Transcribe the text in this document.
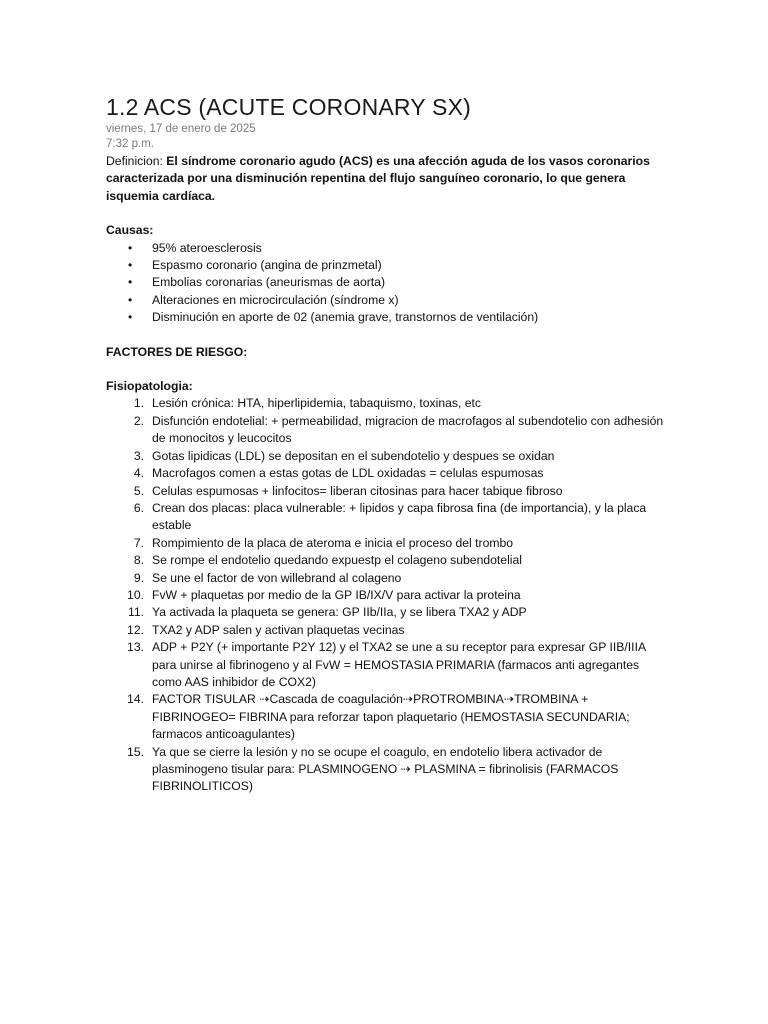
1.2 ACS (ACUTE CORONARY SX)
viernes, 17 de enero de 2025
7:32 p.m.
Definicion: El síndrome coronario agudo (ACS) es una afección aguda de los vasos coronarios caracterizada por una disminución repentina del flujo sanguíneo coronario, lo que genera isquemia cardíaca.
Causas:
• 95% ateroesclerosis
• Espasmo coronario (angina de prinzmetal)
• Embolias coronarias (aneurismas de aorta)
• Alteraciones en microcirculación (síndrome x)
• Disminución en aporte de 02 (anemia grave, transtornos de ventilación)
FACTORES DE RIESGO:
Fisiopatologia:
1. Lesión crónica: HTA, hiperlipidemia, tabaquismo, toxinas, etc
2. Disfunción endotelial: + permeabilidad, migracion de macrofagos al subendotelio con adhesión de monocitos y leucocitos
3. Gotas lipidicas (LDL) se depositan en el subendotelio y despues se oxidan
4. Macrofagos comen a estas gotas de LDL oxidadas = celulas espumosas
5. Celulas espumosas + linfocitos= liberan citosinas para hacer tabique fibroso
6. Crean dos placas: placa vulnerable: + lipidos y capa fibrosa fina (de importancia), y la placa estable
7. Rompimiento de la placa de ateroma e inicia el proceso del trombo
8. Se rompe el endotelio quedando expuestp el colageno subendotelial
9. Se une el factor de von willebrand al colageno
10. FvW + plaquetas por medio de la GP IB/IX/V para activar la proteina
11. Ya activada la plaqueta se genera: GP IIb/IIa, y se libera TXA2 y ADP
12. TXA2 y ADP salen y activan plaquetas vecinas
13. ADP + P2Y (+ importante P2Y 12) y el TXA2 se une a su receptor para expresar GP IIB/IIIA para unirse al fibrinogeno y al FvW = HEMOSTASIA PRIMARIA (farmacos anti agregantes como AAS inhibidor de COX2)
14. FACTOR TISULAR ⇢Cascada de coagulación⇢PROTROMBINA⇢TROMBINA + FIBRINOGEO= FIBRINA para reforzar tapon plaquetario (HEMOSTASIA SECUNDARIA; farmacos anticoagulantes)
15. Ya que se cierre la lesión y no se ocupe el coagulo, en endotelio libera activador de plasminogeno tisular para: PLASMINOGENO ⇢ PLASMINA = fibrinolisis (FARMACOS FIBRINOLITICOS)
